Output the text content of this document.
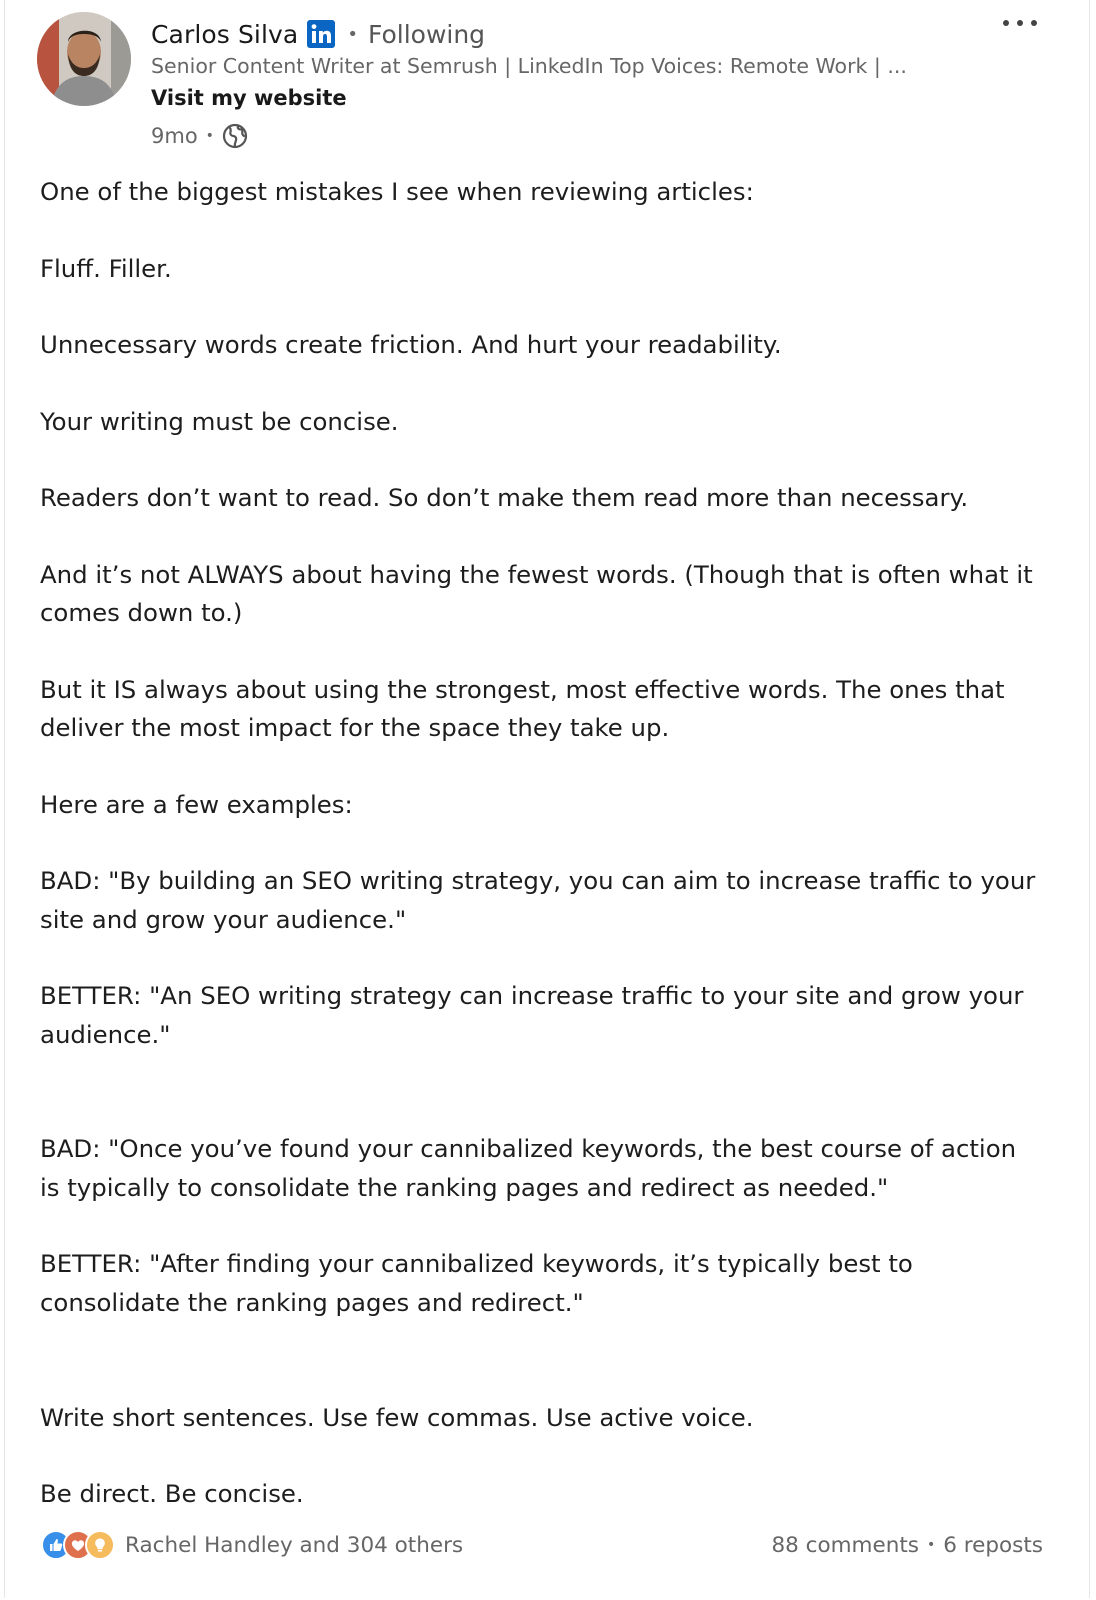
Carlos Silva	• Following
Senior Content Writer at Semrush | LinkedIn Top Voices: Remote Work | ...
Visit my website
9mo •

One of the biggest mistakes I see when reviewing articles:

Fluff. Filler.

Unnecessary words create friction. And hurt your readability.

Your writing must be concise.

Readers don’t want to read. So don’t make them read more than necessary.

And it’s not ALWAYS about having the fewest words. (Though that is often what it comes down to.)

But it IS always about using the strongest, most effective words. The ones that deliver the most impact for the space they take up.

Here are a few examples:

BAD: "By building an SEO writing strategy, you can aim to increase traffic to your site and grow your audience."

BETTER: "An SEO writing strategy can increase traffic to your site and grow your audience."

BAD: "Once you’ve found your cannibalized keywords, the best course of action is typically to consolidate the ranking pages and redirect as needed."

BETTER: "After finding your cannibalized keywords, it’s typically best to consolidate the ranking pages and redirect."

Write short sentences. Use few commas. Use active voice.

Be direct. Be concise.

Rachel Handley and 304 others	88 comments • 6 reposts
